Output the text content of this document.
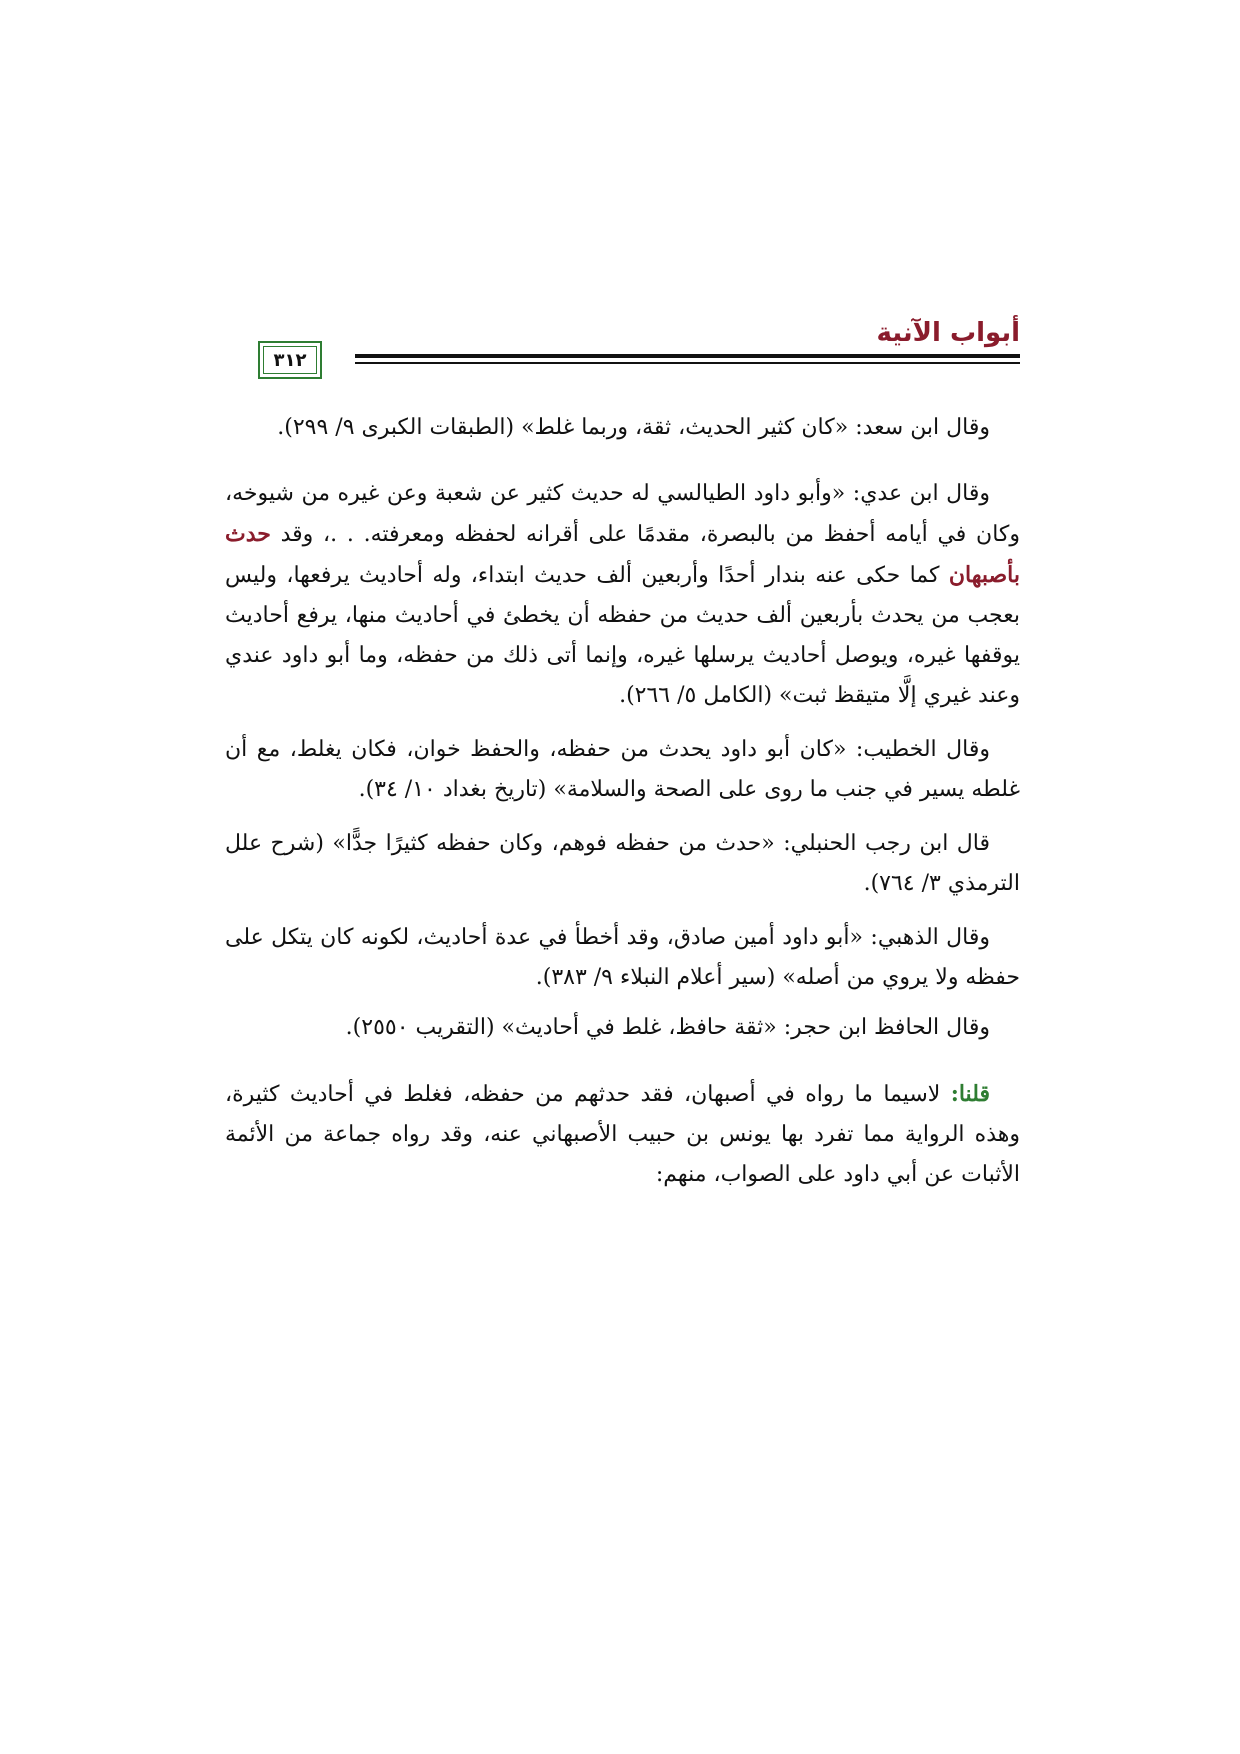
أبواب الآنية
٣١٢

وقال ابن سعد: «كان كثير الحديث، ثقة، وربما غلط» (الطبقات الكبرى ٩/ ٢٩٩).

وقال ابن عدي: «وأبو داود الطيالسي له حديث كثير عن شعبة وعن غيره من شيوخه، وكان في أيامه أحفظ من بالبصرة، مقدمًا على أقرانه لحفظه ومعرفته. . .، وقد حدث بأصبهان كما حكى عنه بندار أحدًا وأربعين ألف حديث ابتداء، وله أحاديث يرفعها، وليس بعجب من يحدث بأربعين ألف حديث من حفظه أن يخطئ في أحاديث منها، يرفع أحاديث يوقفها غيره، ويوصل أحاديث يرسلها غيره، وإنما أتى ذلك من حفظه، وما أبو داود عندي وعند غيري إلَّا متيقظ ثبت» (الكامل ٥/ ٢٦٦).

وقال الخطيب: «كان أبو داود يحدث من حفظه، والحفظ خوان، فكان يغلط، مع أن غلطه يسير في جنب ما روى على الصحة والسلامة» (تاريخ بغداد ١٠/ ٣٤).

قال ابن رجب الحنبلي: «حدث من حفظه فوهم، وكان حفظه كثيرًا جدًّا» (شرح علل الترمذي ٣/ ٧٦٤).

وقال الذهبي: «أبو داود أمين صادق، وقد أخطأ في عدة أحاديث، لكونه كان يتكل على حفظه ولا يروي من أصله» (سير أعلام النبلاء ٩/ ٣٨٣).

وقال الحافظ ابن حجر: «ثقة حافظ، غلط في أحاديث» (التقريب ٢٥٥٠).

قلنا: لاسيما ما رواه في أصبهان، فقد حدثهم من حفظه، فغلط في أحاديث كثيرة، وهذه الرواية مما تفرد بها يونس بن حبيب الأصبهاني عنه، وقد رواه جماعة من الأئمة الأثبات عن أبي داود على الصواب، منهم:
